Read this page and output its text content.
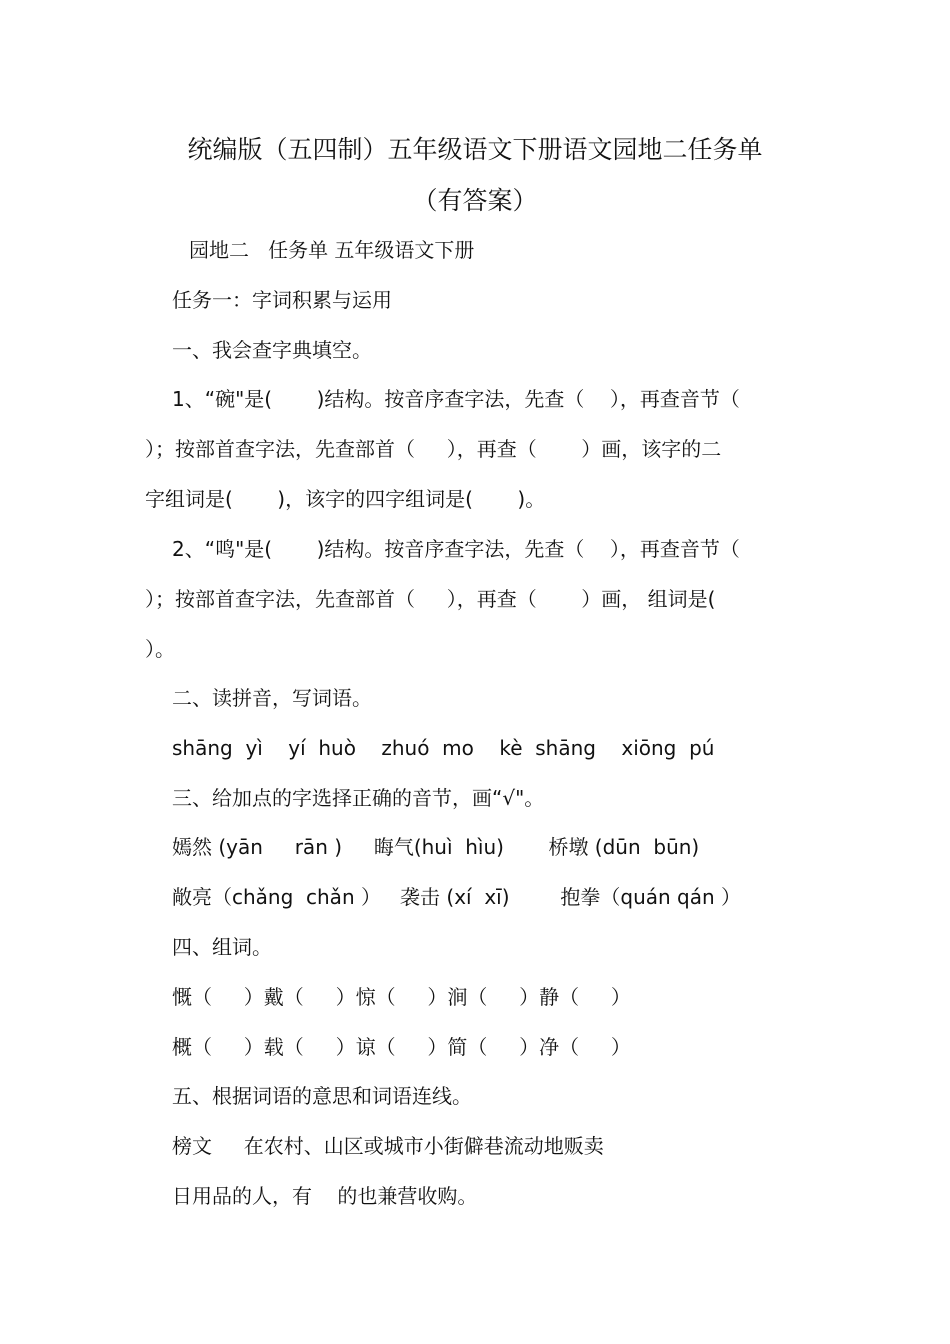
统编版（五四制）五年级语文下册语文园地二任务单
（有答案）
园地二   任务单 五年级语文下册
任务一：字词积累与运用
一、我会查字典填空。
1、“碗"是(       )结构。按音序查字法，先查（    ），再查音节（
）；按部首查字法，先查部首（     ），再查（       ）画，该字的二
字组词是(       )，该字的四字组词是(       )。
2、“鸣"是(       )结构。按音序查字法，先查（    ），再查音节（
）；按部首查字法，先查部首（     ），再查（       ）画， 组词是(
）。
二、读拼音，写词语。
shāng  yì    yí  huò    zhuó  mo    kè  shāng    xiōng  pú
三、给加点的字选择正确的音节，画“√"。
嫣然 (yān     rān )     晦气(huì  hìu)       桥墩 (dūn  būn)
敞亮（chǎng  chǎn ）   袭击 (xí  xī)        抱拳（quán qán ）
四、组词。
慨（     ）戴（     ）惊（     ）涧（     ）静（     ）
概（     ）载（     ）谅（     ）简（     ）净（     ）
五、根据词语的意思和词语连线。
榜文     在农村、山区或城市小街僻巷流动地贩卖
日用品的人，有    的也兼营收购。
